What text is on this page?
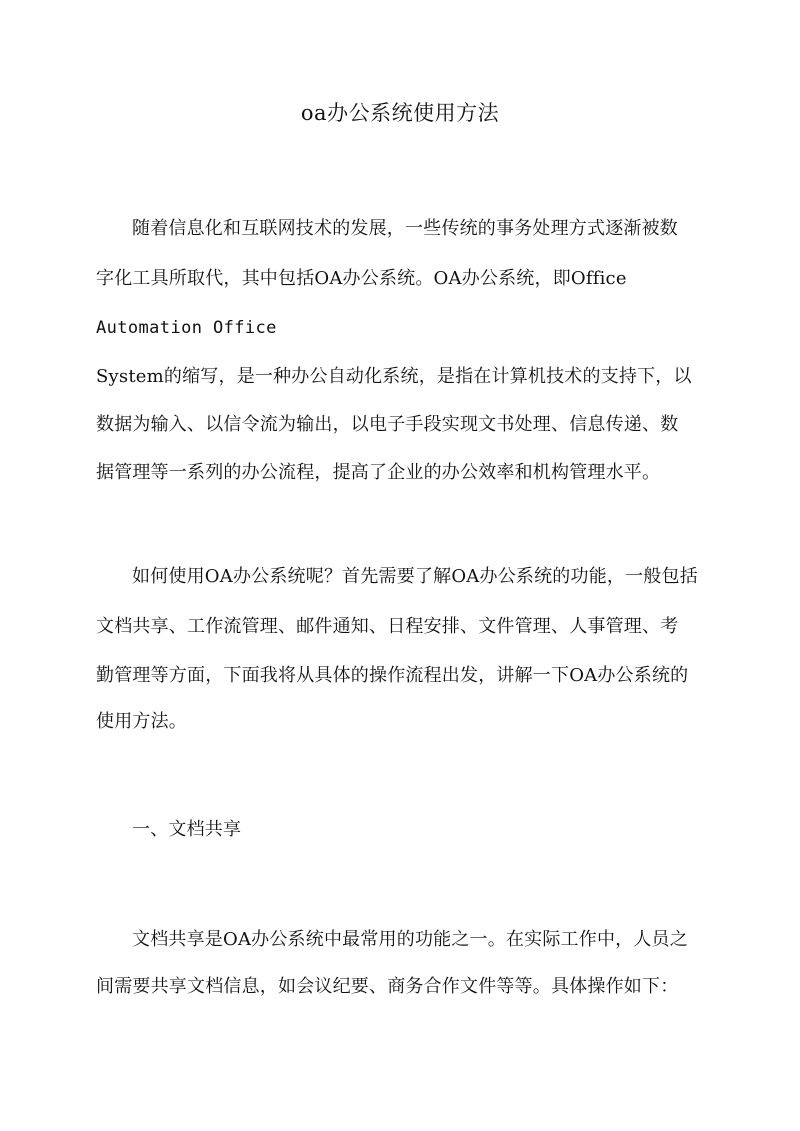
oa办公系统使用方法
随着信息化和互联网技术的发展，一些传统的事务处理方式逐渐被数
字化工具所取代，其中包括OA办公系统。OA办公系统，即Office
Automation Office
System的缩写，是一种办公自动化系统，是指在计算机技术的支持下，以
数据为输入、以信令流为输出，以电子手段实现文书处理、信息传递、数
据管理等一系列的办公流程，提高了企业的办公效率和机构管理水平。
如何使用OA办公系统呢？首先需要了解OA办公系统的功能，一般包括
文档共享、工作流管理、邮件通知、日程安排、文件管理、人事管理、考
勤管理等方面，下面我将从具体的操作流程出发，讲解一下OA办公系统的
使用方法。
一、文档共享
文档共享是OA办公系统中最常用的功能之一。在实际工作中，人员之
间需要共享文档信息，如会议纪要、商务合作文件等等。具体操作如下：
